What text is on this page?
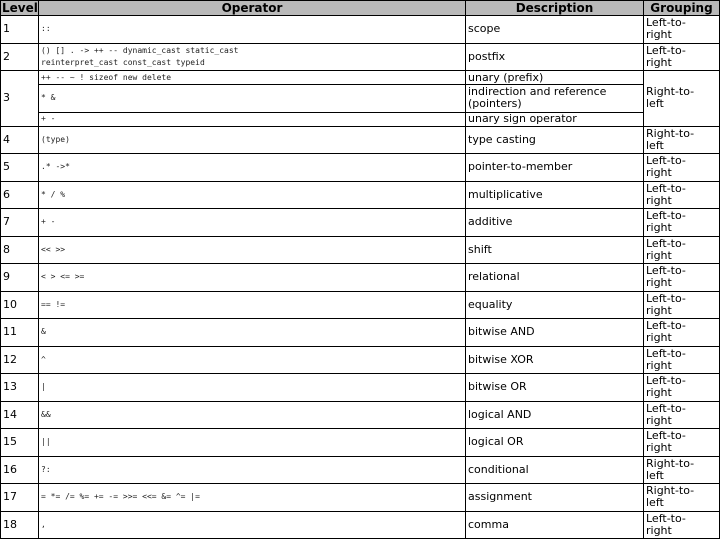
Level	Operator	Description	Grouping
1	::	scope	Left-to-
right

2	() [] . -> ++ -- dynamic_cast static_cast
reinterpret_cast const_cast typeid	postfix	Left-to-
right

3	++ -- ~ ! sizeof new delete	unary (prefix)	Right-to-
left

	* &	indirection and reference (pointers)	

	+ -	unary sign operator	
4	(type)	type casting	Right-to-
left

5	.* ->*	pointer-to-member	Left-to-
right

6	* / %	multiplicative	Left-to-
right

7	+ -	additive	Left-to-
right

8	<< >>	shift	Left-to-
right

9	< > <= >=	relational	Left-to-
right

10	== !=	equality	Left-to-
right

11	&	bitwise AND	Left-to-
right

12	^	bitwise XOR	Left-to-
right

13	|	bitwise OR	Left-to-
right

14	&&	logical AND	Left-to-
right

15	||	logical OR	Left-to-
right

16	?:	conditional	Right-to-
left

17	= *= /= %= += -= >>= <<= &= ^= |=	assignment	Right-to-
left

18	,	comma	Left-to-
right
